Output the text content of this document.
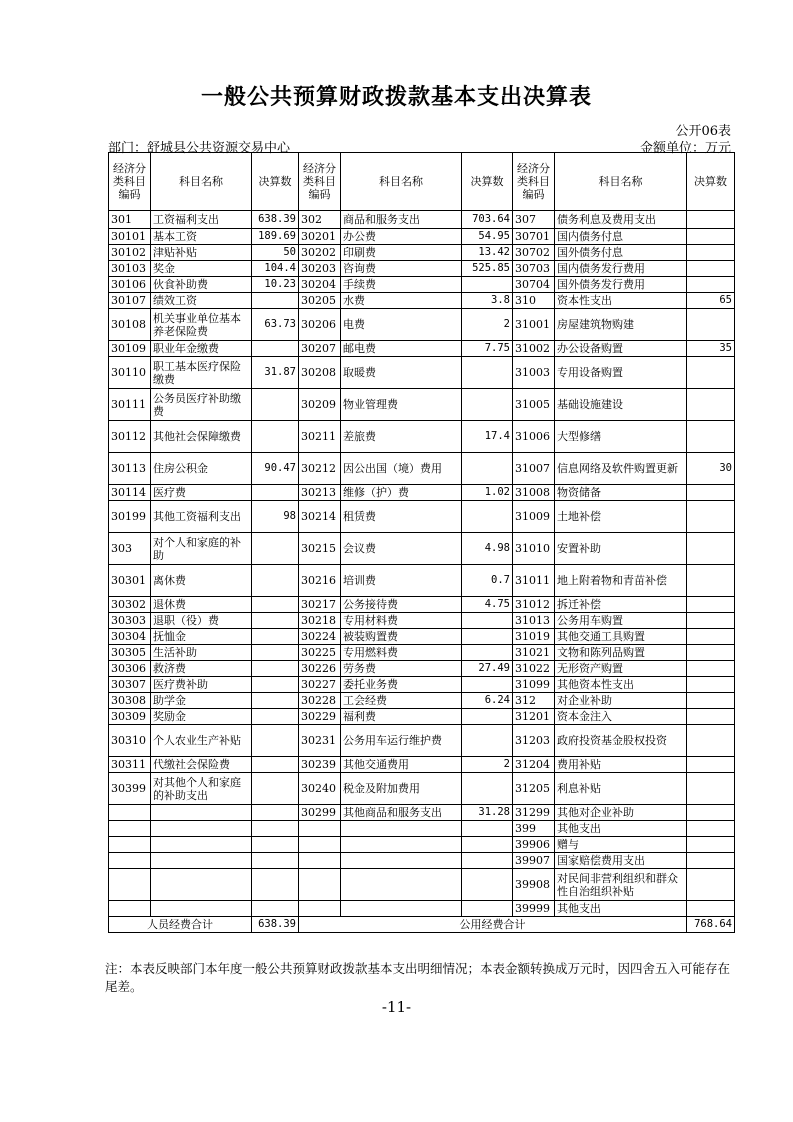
一般公共预算财政拨款基本支出决算表
公开06表
部门：舒城县公共资源交易中心	金额单位：万元
经济分类科目编码	科目名称	决算数	经济分类科目编码	科目名称	决算数	经济分类科目编码	科目名称	决算数
301	工资福利支出	638.39	302	商品和服务支出	703.64	307	债务利息及费用支出	
30101	基本工资	189.69	30201	办公费	54.95	30701	国内债务付息	
30102	津贴补贴	50	30202	印刷费	13.42	30702	国外债务付息	
30103	奖金	104.4	30203	咨询费	525.85	30703	国内债务发行费用	
30106	伙食补助费	10.23	30204	手续费		30704	国外债务发行费用	
30107	绩效工资		30205	水费	3.8	310	资本性支出	65
30108	机关事业单位基本养老保险费	63.73	30206	电费	2	31001	房屋建筑物购建	
30109	职业年金缴费		30207	邮电费	7.75	31002	办公设备购置	35
30110	职工基本医疗保险缴费	31.87	30208	取暖费		31003	专用设备购置	
30111	公务员医疗补助缴费		30209	物业管理费		31005	基础设施建设	
30112	其他社会保障缴费		30211	差旅费	17.4	31006	大型修缮	
30113	住房公积金	90.47	30212	因公出国（境）费用		31007	信息网络及软件购置更新	30
30114	医疗费		30213	维修（护）费	1.02	31008	物资储备	
30199	其他工资福利支出	98	30214	租赁费		31009	土地补偿	
303	对个人和家庭的补助		30215	会议费	4.98	31010	安置补助	
30301	离休费		30216	培训费	0.7	31011	地上附着物和青苗补偿	
30302	退休费		30217	公务接待费	4.75	31012	拆迁补偿	
30303	退职（役）费		30218	专用材料费		31013	公务用车购置	
30304	抚恤金		30224	被装购置费		31019	其他交通工具购置	
30305	生活补助		30225	专用燃料费		31021	文物和陈列品购置	
30306	救济费		30226	劳务费	27.49	31022	无形资产购置	
30307	医疗费补助		30227	委托业务费		31099	其他资本性支出	
30308	助学金		30228	工会经费	6.24	312	对企业补助	
30309	奖励金		30229	福利费		31201	资本金注入	
30310	个人农业生产补贴		30231	公务用车运行维护费		31203	政府投资基金股权投资	
30311	代缴社会保险费		30239	其他交通费用	2	31204	费用补贴	
30399	对其他个人和家庭的补助支出		30240	税金及附加费用		31205	利息补贴	
			30299	其他商品和服务支出	31.28	31299	其他对企业补助	
						399	其他支出	
						39906	赠与	
						39907	国家赔偿费用支出	
						39908	对民间非营利组织和群众性自治组织补贴	
						39999	其他支出	
人员经费合计		638.39	公用经费合计					768.64
注：本表反映部门本年度一般公共预算财政拨款基本支出明细情况；本表金额转换成万元时，因四舍五入可能存在尾差。
-11-
